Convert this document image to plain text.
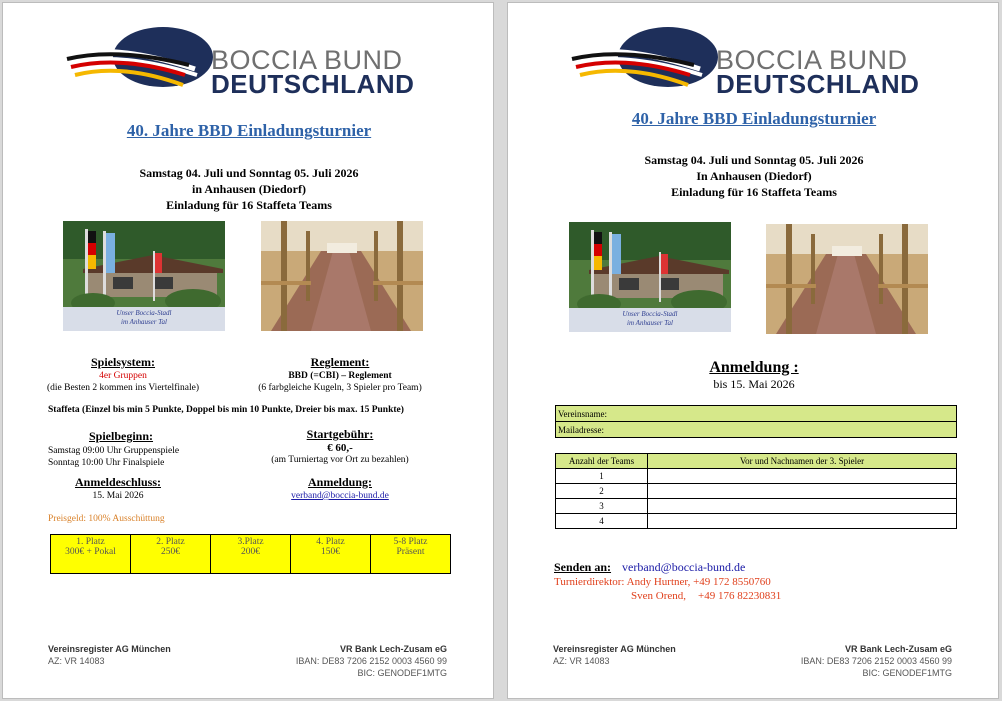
BOCCIA BUND
DEUTSCHLAND
40. Jahre BBD Einladungsturnier
Samstag 04. Juli und Sonntag 05. Juli 2026
in Anhausen (Diedorf)
Einladung für 16 Staffeta Teams
Unser Boccia-Stadl
im Anhauser Tal
Spielsystem:
4er Gruppen
(die Besten 2 kommen ins Viertelfinale)
Reglement:
BBD (=CBI) – Reglement
(6 farbgleiche Kugeln, 3 Spieler pro Team)
Staffeta (Einzel bis min 5 Punkte, Doppel bis min 10 Punkte, Dreier bis max. 15 Punkte)
Spielbeginn:
Samstag 09:00 Uhr Gruppenspiele
Sonntag 10:00 Uhr Finalspiele
Startgebühr:
€ 60,-
(am Turniertag vor Ort zu bezahlen)
Anmeldeschluss:
15. Mai 2026
Anmeldung:
verband@boccia-bund.de
Preisgeld: 100% Ausschüttung
1. Platz
300€ + Pokal

2. Platz
250€

3.Platz
200€

4. Platz
150€

5-8 Platz
Präsent
Vereinsregister AG München
AZ: VR 14083
VR Bank Lech-Zusam eG
IBAN: DE83 7206 2152 0003 4560 99
BIC: GENODEF1MTG
BOCCIA BUND
DEUTSCHLAND
40. Jahre BBD Einladungsturnier
Samstag 04. Juli und Sonntag 05. Juli 2026
In Anhausen (Diedorf)
Einladung für 16 Staffeta Teams
Unser Boccia-Stadl
im Anhauser Tal
Anmeldung :
bis 15. Mai 2026
Vereinsname:
Mailadresse:
Anzahl der Teams	Vor und Nachnamen der 3. Spieler
1	
2	
3	
4	
Senden an: verband@boccia-bund.de
Turnierdirektor: Andy Hurtner, +49 172 8550760
Sven Orend, +49 176 82230831
Vereinsregister AG München
AZ: VR 14083
VR Bank Lech-Zusam eG
IBAN: DE83 7206 2152 0003 4560 99
BIC: GENODEF1MTG
